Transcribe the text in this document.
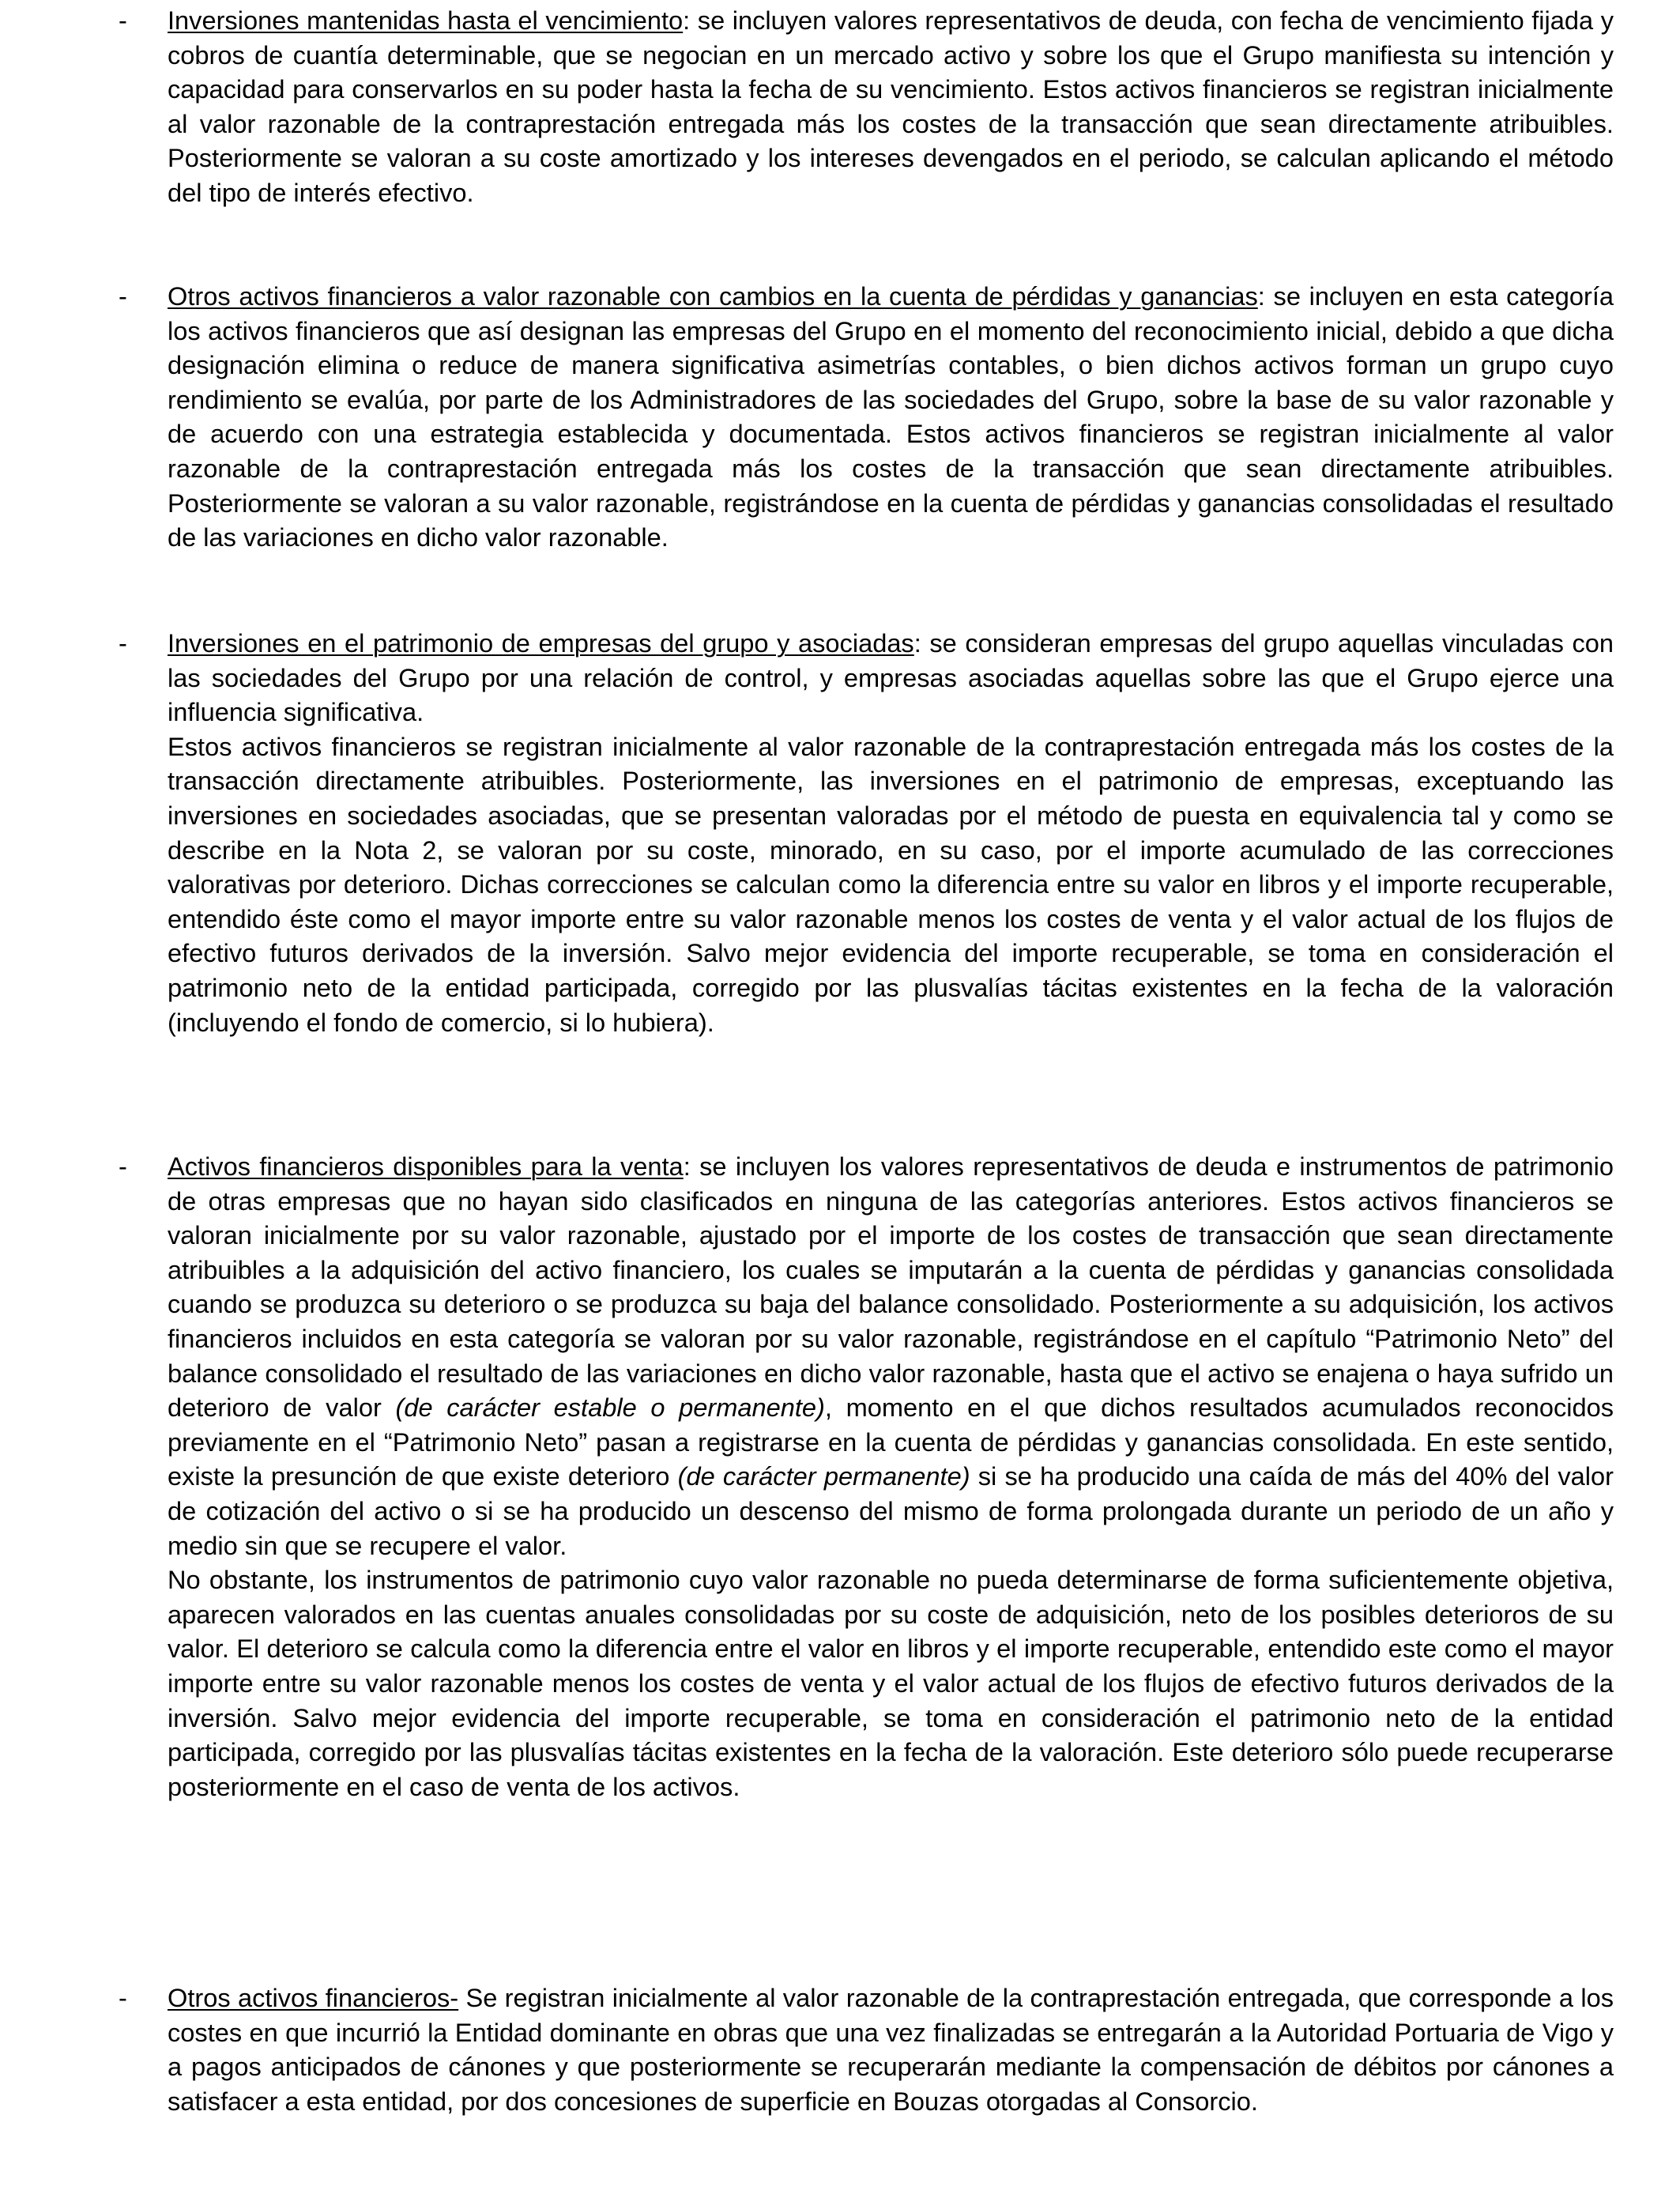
- Inversiones mantenidas hasta el vencimiento: se incluyen valores representativos de deuda, con fecha de vencimiento fijada y cobros de cuantía determinable, que se negocian en un mercado activo y sobre los que el Grupo manifiesta su intención y capacidad para conservarlos en su poder hasta la fecha de su vencimiento. Estos activos financieros se registran inicialmente al valor razonable de la contraprestación entregada más los costes de la transacción que sean directamente atribuibles. Posteriormente se valoran a su coste amortizado y los intereses devengados en el periodo, se calculan aplicando el método del tipo de interés efectivo.

- Otros activos financieros a valor razonable con cambios en la cuenta de pérdidas y ganancias: se incluyen en esta categoría los activos financieros que así designan las empresas del Grupo en el momento del reconocimiento inicial, debido a que dicha designación elimina o reduce de manera significativa asimetrías contables, o bien dichos activos forman un grupo cuyo rendimiento se evalúa, por parte de los Administradores de las sociedades del Grupo, sobre la base de su valor razonable y de acuerdo con una estrategia establecida y documentada. Estos activos financieros se registran inicialmente al valor razonable de la contraprestación entregada más los costes de la transacción que sean directamente atribuibles. Posteriormente se valoran a su valor razonable, registrándose en la cuenta de pérdidas y ganancias consolidadas el resultado de las variaciones en dicho valor razonable.

- Inversiones en el patrimonio de empresas del grupo y asociadas: se consideran empresas del grupo aquellas vinculadas con las sociedades del Grupo por una relación de control, y empresas asociadas aquellas sobre las que el Grupo ejerce una influencia significativa.

Estos activos financieros se registran inicialmente al valor razonable de la contraprestación entregada más los costes de la transacción directamente atribuibles. Posteriormente, las inversiones en el patrimonio de empresas, exceptuando las inversiones en sociedades asociadas, que se presentan valoradas por el método de puesta en equivalencia tal y como se describe en la Nota 2, se valoran por su coste, minorado, en su caso, por el importe acumulado de las correcciones valorativas por deterioro. Dichas correcciones se calculan como la diferencia entre su valor en libros y el importe recuperable, entendido éste como el mayor importe entre su valor razonable menos los costes de venta y el valor actual de los flujos de efectivo futuros derivados de la inversión. Salvo mejor evidencia del importe recuperable, se toma en consideración el patrimonio neto de la entidad participada, corregido por las plusvalías tácitas existentes en la fecha de la valoración (incluyendo el fondo de comercio, si lo hubiera).

- Activos financieros disponibles para la venta: se incluyen los valores representativos de deuda e instrumentos de patrimonio de otras empresas que no hayan sido clasificados en ninguna de las categorías anteriores. Estos activos financieros se valoran inicialmente por su valor razonable, ajustado por el importe de los costes de transacción que sean directamente atribuibles a la adquisición del activo financiero, los cuales se imputarán a la cuenta de pérdidas y ganancias consolidada cuando se produzca su deterioro o se produzca su baja del balance consolidado. Posteriormente a su adquisición, los activos financieros incluidos en esta categoría se valoran por su valor razonable, registrándose en el capítulo “Patrimonio Neto” del balance consolidado el resultado de las variaciones en dicho valor razonable, hasta que el activo se enajena o haya sufrido un deterioro de valor (de carácter estable o permanente), momento en el que dichos resultados acumulados reconocidos previamente en el “Patrimonio Neto” pasan a registrarse en la cuenta de pérdidas y ganancias consolidada. En este sentido, existe la presunción de que existe deterioro (de carácter permanente) si se ha producido una caída de más del 40% del valor de cotización del activo o si se ha producido un descenso del mismo de forma prolongada durante un periodo de un año y medio sin que se recupere el valor.

No obstante, los instrumentos de patrimonio cuyo valor razonable no pueda determinarse de forma suficientemente objetiva, aparecen valorados en las cuentas anuales consolidadas por su coste de adquisición, neto de los posibles deterioros de su valor. El deterioro se calcula como la diferencia entre el valor en libros y el importe recuperable, entendido este como el mayor importe entre su valor razonable menos los costes de venta y el valor actual de los flujos de efectivo futuros derivados de la inversión. Salvo mejor evidencia del importe recuperable, se toma en consideración el patrimonio neto de la entidad participada, corregido por las plusvalías tácitas existentes en la fecha de la valoración. Este deterioro sólo puede recuperarse posteriormente en el caso de venta de los activos.

- Otros activos financieros- Se registran inicialmente al valor razonable de la contraprestación entregada, que corresponde a los costes en que incurrió la Entidad dominante en obras que una vez finalizadas se entregarán a la Autoridad Portuaria de Vigo y a pagos anticipados de cánones y que posteriormente se recuperarán mediante la compensación de débitos por cánones a satisfacer a esta entidad, por dos concesiones de superficie en Bouzas otorgadas al Consorcio.
